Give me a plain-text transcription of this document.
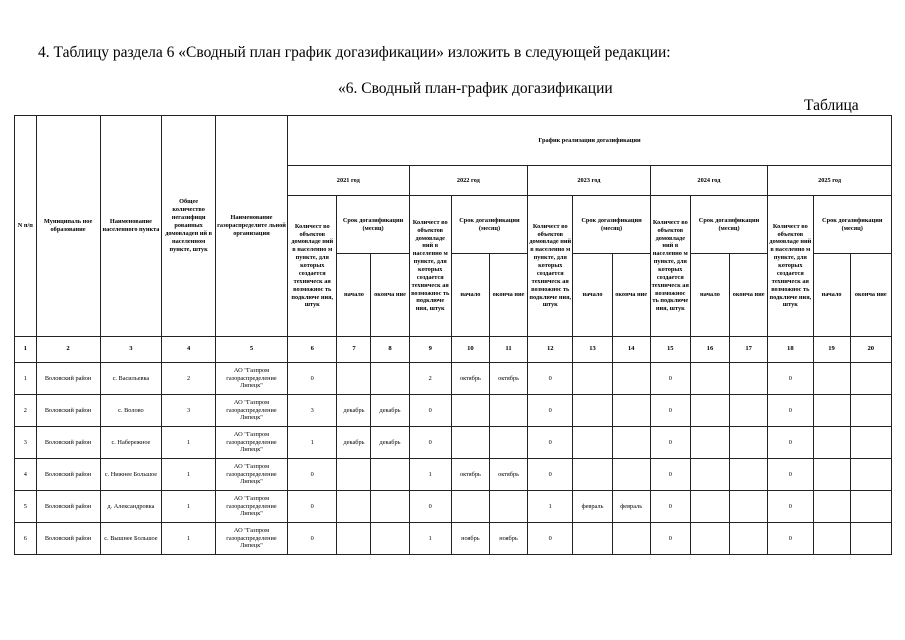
4. Таблицу раздела 6 «Сводный план график догазификации» изложить в следующей редакции:
«6. Сводный план-график догазификации
Таблица
N п/п	Муниципаль ное образование	Наименование населенного пункта	Общее количество негазифици рованных домовладен ий в населенном пункте, штук	Наименование газораспределите льной организации	График реализации догазификации														
					2021 год			2022 год			2023 год			2024 год			2025 год		
					Количест во объектов домовладе ний в населенно м пункте, для которых создается техническ ая возможнос ть подключе ния, штук	Срок догазификации (месяц)		Количест во объектов домовладе ний в населенно м пункте, для которых создается техническ ая возможнос ть подключе ния, штук	Срок догазификации (месяц)		Количест во объектов домовладе ний в населенно м пункте, для которых создается техническ ая возможнос ть подключе ния, штук	Срок догазификации (месяц)		Количест во объектов домовладе ний в населенно м пункте, для которых создается техническ ая возможнос ть подключе ния, штук	Срок догазификации (месяц)		Количест во объектов домовладе ний в населенно м пункте, для которых создается техническ ая возможнос ть подключе ния, штук	Срок догазификации (месяц)	
						начало	оконча ние		начало	оконча ние		начало	оконча ние		начало	оконча ние		начало	оконча ние
1	2	3	4	5	6	7	8	9	10	11	12	13	14	15	16	17	18	19	20
1	Воловский район	с. Васильевка	2	АО "Газпром газораспределение Липецк"	0			2	октябрь	октябрь	0			0			0		
2	Воловский район	с. Волово	3	АО "Газпром газораспределение Липецк"	3	декабрь	декабрь	0			0			0			0		
3	Воловский район	с. Набережное	1	АО "Газпром газораспределение Липецк"	1	декабрь	декабрь	0			0			0			0		
4	Воловский район	с. Нижнее Большое	1	АО "Газпром газораспределение Липецк"	0			1	октябрь	октябрь	0			0			0		
5	Воловский район	д. Александровка	1	АО "Газпром газораспределение Липецк"	0			0			1	февраль	февраль	0			0		
6	Воловский район	с. Вышнее Большое	1	АО "Газпром газораспределение Липецк"	0			1	ноябрь	ноябрь	0			0			0		
